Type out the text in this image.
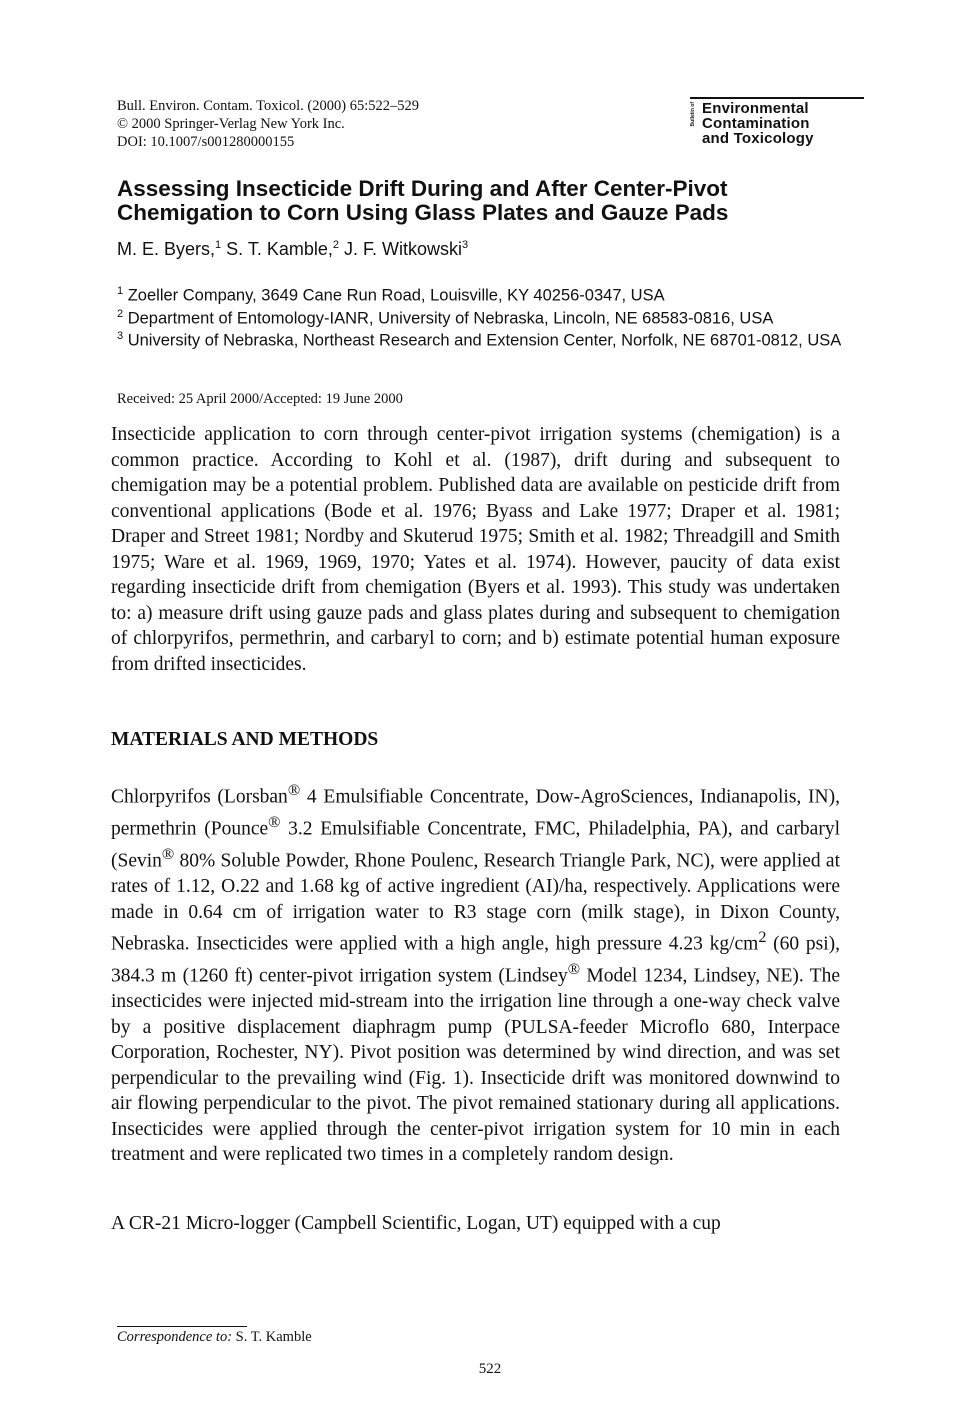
Bull. Environ. Contam. Toxicol. (2000) 65:522–529
© 2000 Springer-Verlag New York Inc.
DOI: 10.1007/s001280000155
Bulletin of Environmental
Contamination
and Toxicology
Assessing Insecticide Drift During and After Center-Pivot
Chemigation to Corn Using Glass Plates and Gauze Pads
M. E. Byers,$^1$ S. T. Kamble,$^2$ J. F. Witkowski$^3$
$^1$ Zoeller Company, 3649 Cane Run Road, Louisville, KY 40256-0347, USA
$^2$ Department of Entomology-IANR, University of Nebraska, Lincoln, NE 68583-0816, USA
$^3$ University of Nebraska, Northeast Research and Extension Center, Norfolk, NE 68701-0812, USA
Received: 25 April 2000/Accepted: 19 June 2000

Insecticide application to corn through center-pivot irrigation systems (chemigation) is a common practice. According to Kohl et al. (1987), drift during and subsequent to chemigation may be a potential problem. Published data are available on pesticide drift from conventional applications (Bode et al. 1976; Byass and Lake 1977; Draper et al. 1981; Draper and Street 1981; Nordby and Skuterud 1975; Smith et al. 1982; Threadgill and Smith 1975; Ware et al. 1969, 1969, 1970; Yates et al. 1974). However, paucity of data exist regarding insecticide drift from chemigation (Byers et al. 1993). This study was undertaken to: a) measure drift using gauze pads and glass plates during and subsequent to chemigation of chlorpyrifos, permethrin, and carbaryl to corn; and b) estimate potential human exposure from drifted insecticides.

MATERIALS AND METHODS

Chlorpyrifos (Lorsban® 4 Emulsifiable Concentrate, Dow-AgroSciences, Indianapolis, IN), permethrin (Pounce® 3.2 Emulsifiable Concentrate, FMC, Philadelphia, PA), and carbaryl (Sevin® 80% Soluble Powder, Rhone Poulenc, Research Triangle Park, NC), were applied at rates of 1.12, O.22 and 1.68 kg of active ingredient (AI)/ha, respectively. Applications were made in 0.64 cm of irrigation water to R3 stage corn (milk stage), in Dixon County, Nebraska. Insecticides were applied with a high angle, high pressure 4.23 $kg/cm^2$ (60 psi), 384.3 m (1260 ft) center-pivot irrigation system (Lindsey® Model 1234, Lindsey, NE). The insecticides were injected mid-stream into the irrigation line through a one-way check valve by a positive displacement diaphragm pump (PULSA-feeder Microflo 680, Interpace Corporation, Rochester, NY). Pivot position was determined by wind direction, and was set perpendicular to the prevailing wind (Fig. 1). Insecticide drift was monitored downwind to air flowing perpendicular to the pivot. The pivot remained stationary during all applications. Insecticides were applied through the center-pivot irrigation system for 10 min in each treatment and were replicated two times in a completely random design.

A CR-21 Micro-logger (Campbell Scientific, Logan, UT) equipped with a cup

Correspondence to: S. T. Kamble
522
